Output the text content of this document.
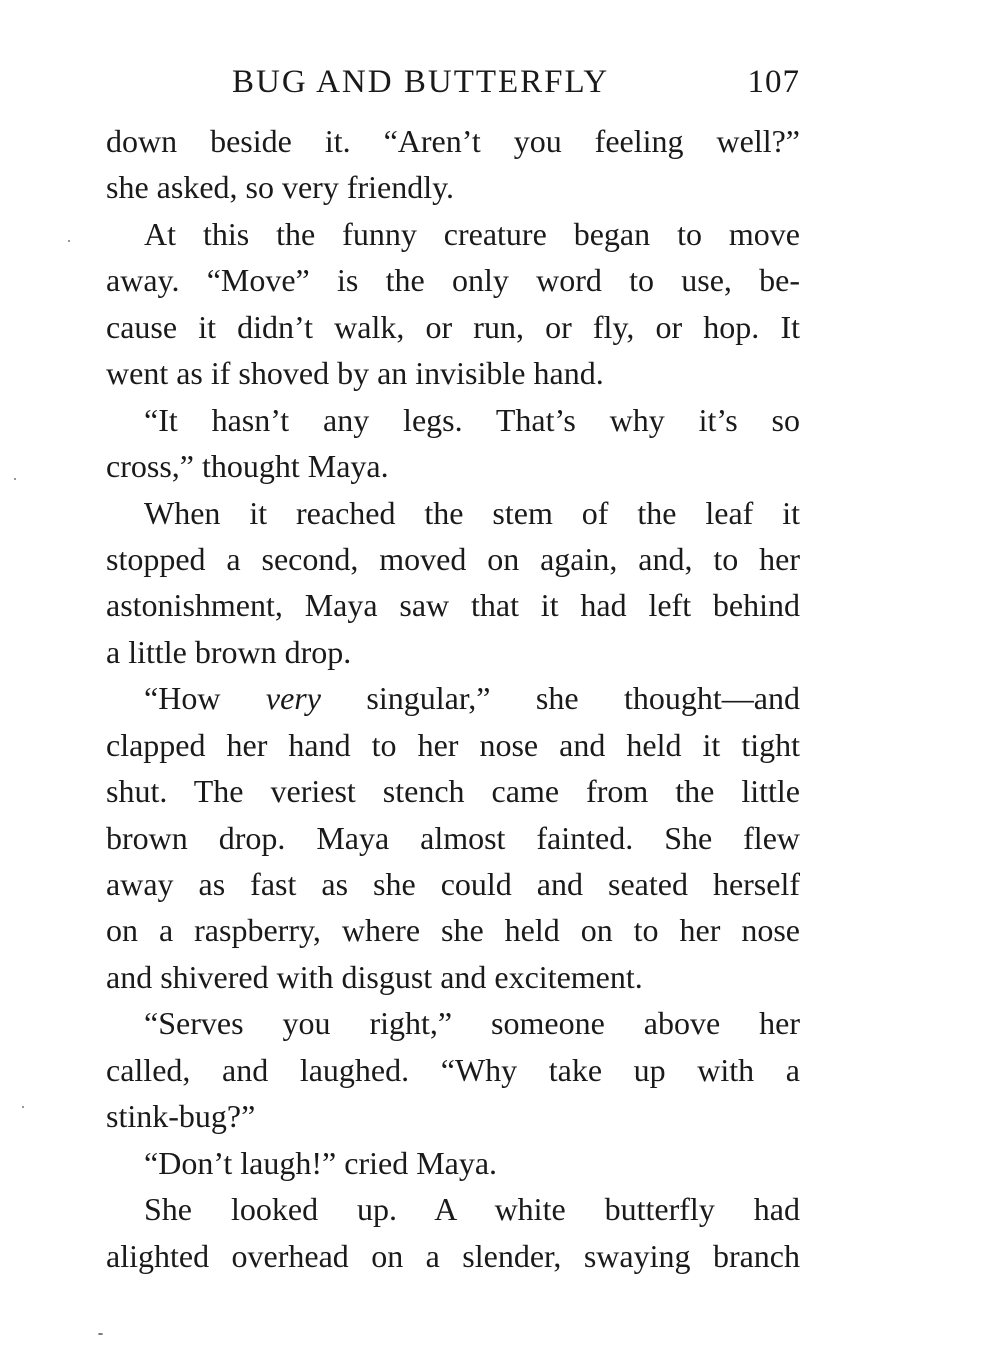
BUG AND BUTTERFLY	107
down beside it. “Aren’t you feeling well?”
she asked, so very friendly.
At this the funny creature began to move
away. “Move” is the only word to use, be-
cause it didn’t walk, or run, or fly, or hop. It
went as if shoved by an invisible hand.
“It hasn’t any legs. That’s why it’s so
cross,” thought Maya.
When it reached the stem of the leaf it
stopped a second, moved on again, and, to her
astonishment, Maya saw that it had left behind
a little brown drop.
“How very singular,” she thought—and
clapped her hand to her nose and held it tight
shut. The veriest stench came from the little
brown drop. Maya almost fainted. She flew
away as fast as she could and seated herself
on a raspberry, where she held on to her nose
and shivered with disgust and excitement.
“Serves you right,” someone above her
called, and laughed. “Why take up with a
stink-bug?”
“Don’t laugh!” cried Maya.
She looked up. A white butterfly had
alighted overhead on a slender, swaying branch
